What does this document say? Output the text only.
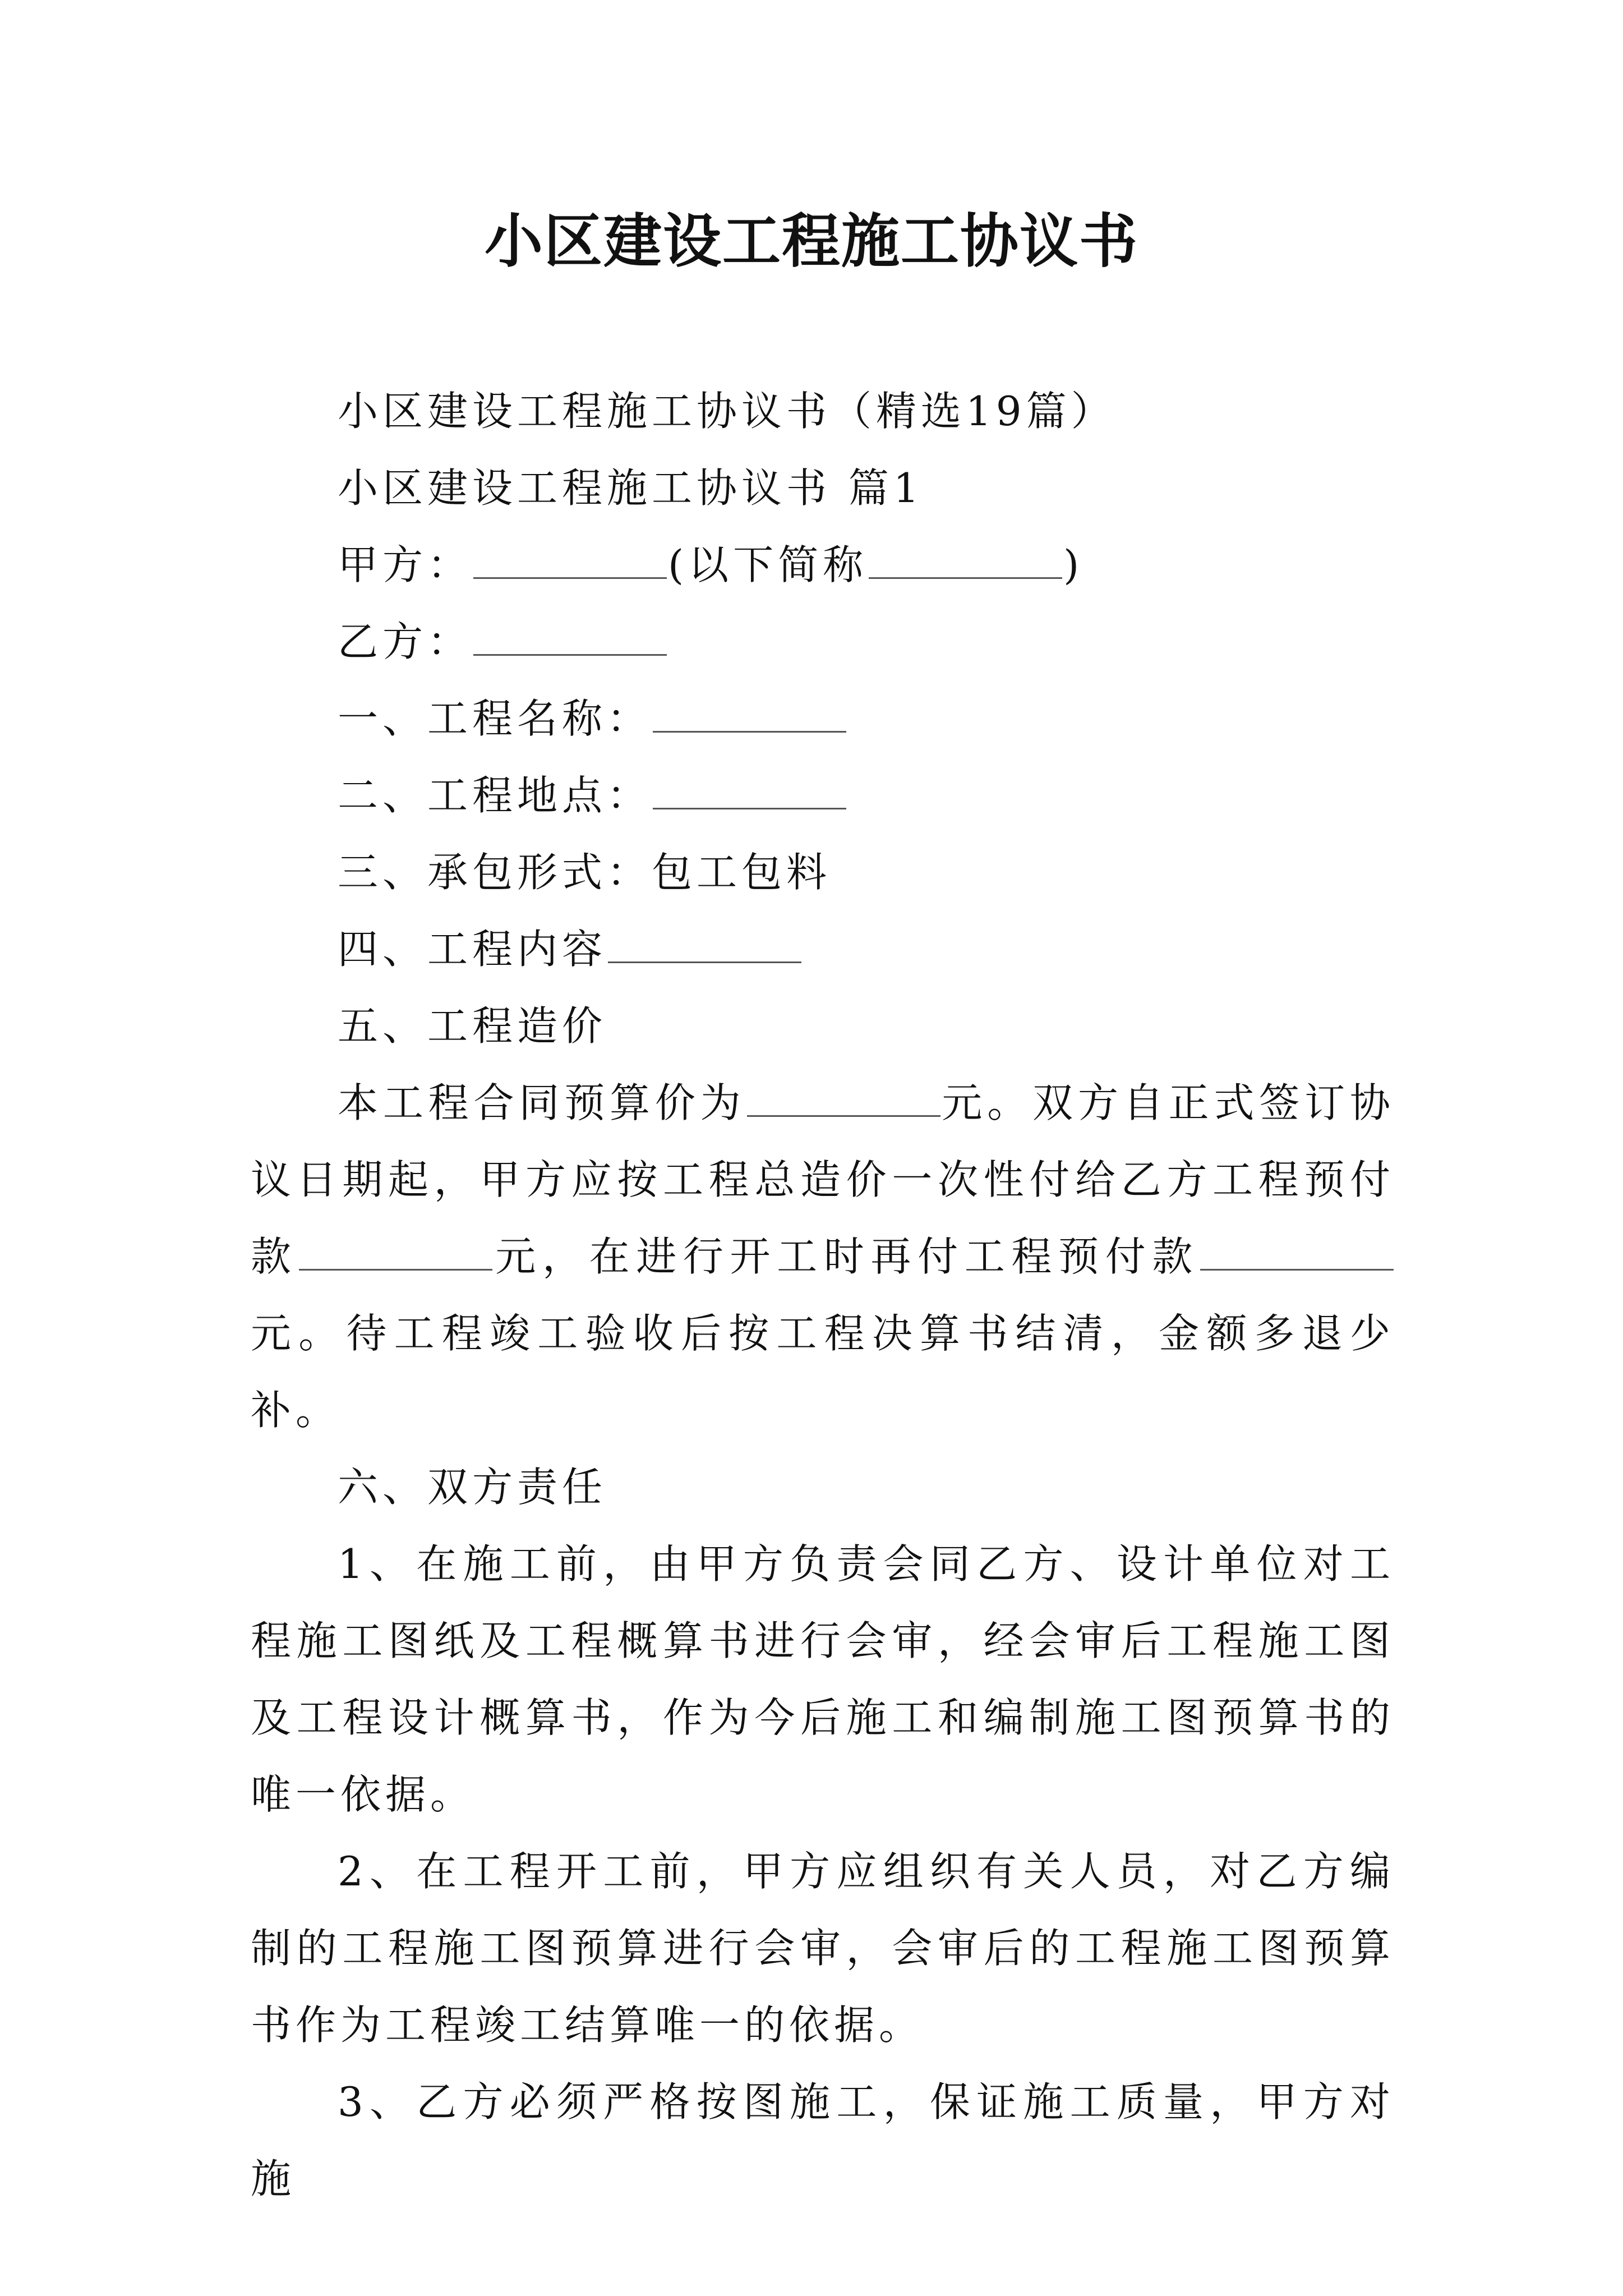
小区建设工程施工协议书

小区建设工程施工协议书（精选19篇）

小区建设工程施工协议书 篇1

甲方：	(以下简称	)

乙方：

一、工程名称：

二、工程地点：

三、承包形式：包工包料

四、工程内容

五、工程造价

本工程合同预算价为	元。双方自正式签订协议日期起，甲方应按工程总造价一次性付给乙方工程预付款	元，在进行开工时再付工程预付款元。待工程竣工验收后按工程决算书结清，金额多退少补。

六、双方责任

1、在施工前，由甲方负责会同乙方、设计单位对工程施工图纸及工程概算书进行会审，经会审后工程施工图及工程设计概算书，作为今后施工和编制施工图预算书的唯一依据。

2、在工程开工前，甲方应组织有关人员，对乙方编制的工程施工图预算进行会审，会审后的工程施工图预算书作为工程竣工结算唯一的依据。

3、乙方必须严格按图施工，保证施工质量，甲方对施
